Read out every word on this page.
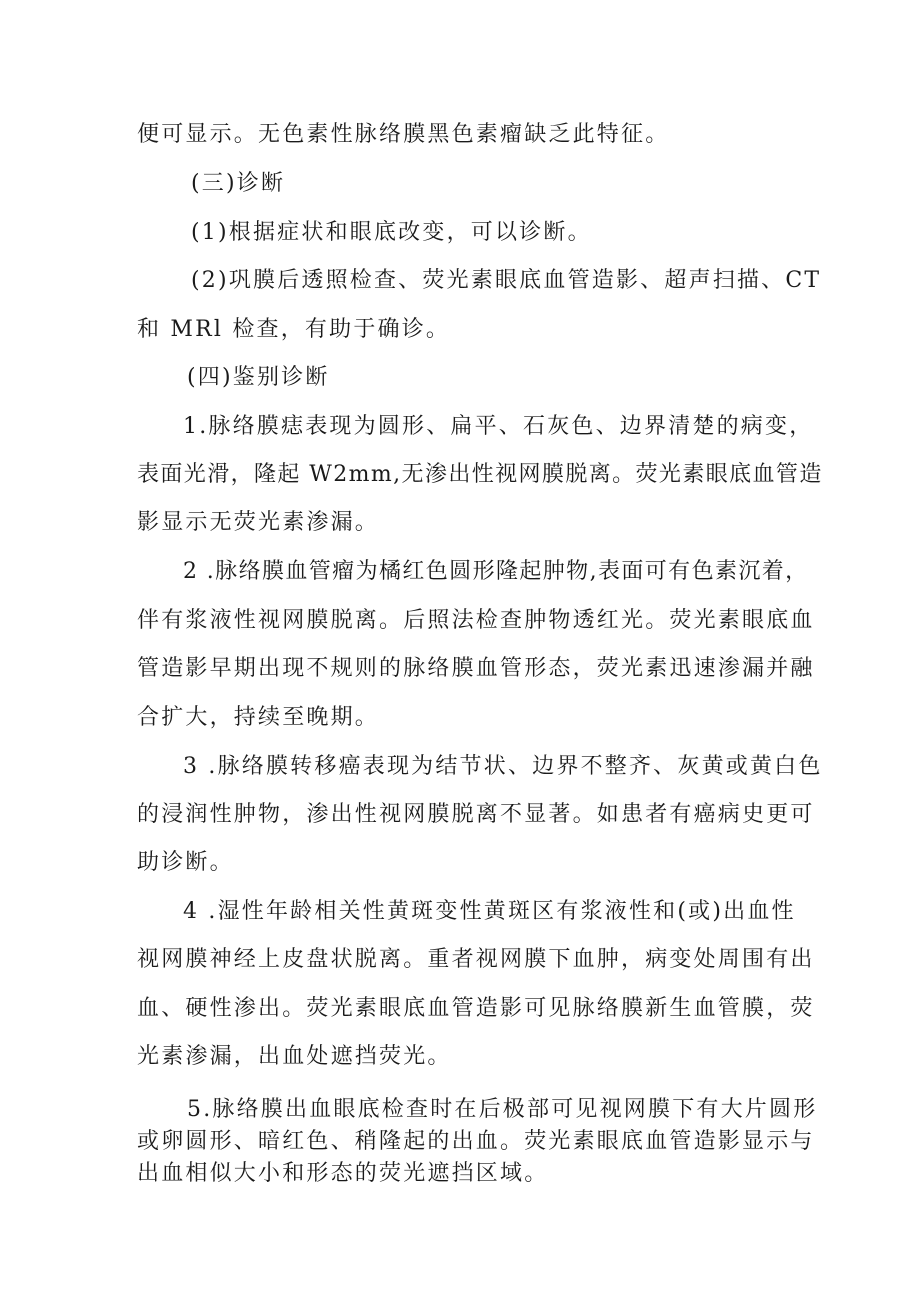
便可显示。无色素性脉络膜黑色素瘤缺乏此特征。
(三)诊断
(1)根据症状和眼底改变，可以诊断。
(2)巩膜后透照检查、荧光素眼底血管造影、超声扫描、CT
和 MRl 检查，有助于确诊。
(四)鉴别诊断
1.脉络膜痣表现为圆形、扁平、石灰色、边界清楚的病变，
表面光滑，隆起 W2mm,无渗出性视网膜脱离。荧光素眼底血管造
影显示无荧光素渗漏。
2 .脉络膜血管瘤为橘红色圆形隆起肿物,表面可有色素沉着，
伴有浆液性视网膜脱离。后照法检查肿物透红光。荧光素眼底血
管造影早期出现不规则的脉络膜血管形态，荧光素迅速渗漏并融
合扩大，持续至晚期。
3 .脉络膜转移癌表现为结节状、边界不整齐、灰黄或黄白色
的浸润性肿物，渗出性视网膜脱离不显著。如患者有癌病史更可
助诊断。
4 .湿性年龄相关性黄斑变性黄斑区有浆液性和(或)出血性
视网膜神经上皮盘状脱离。重者视网膜下血肿，病变处周围有出
血、硬性渗出。荧光素眼底血管造影可见脉络膜新生血管膜，荧
光素渗漏，出血处遮挡荧光。
5.脉络膜出血眼底检查时在后极部可见视网膜下有大片圆形
或卵圆形、暗红色、稍隆起的出血。荧光素眼底血管造影显示与
出血相似大小和形态的荧光遮挡区域。
